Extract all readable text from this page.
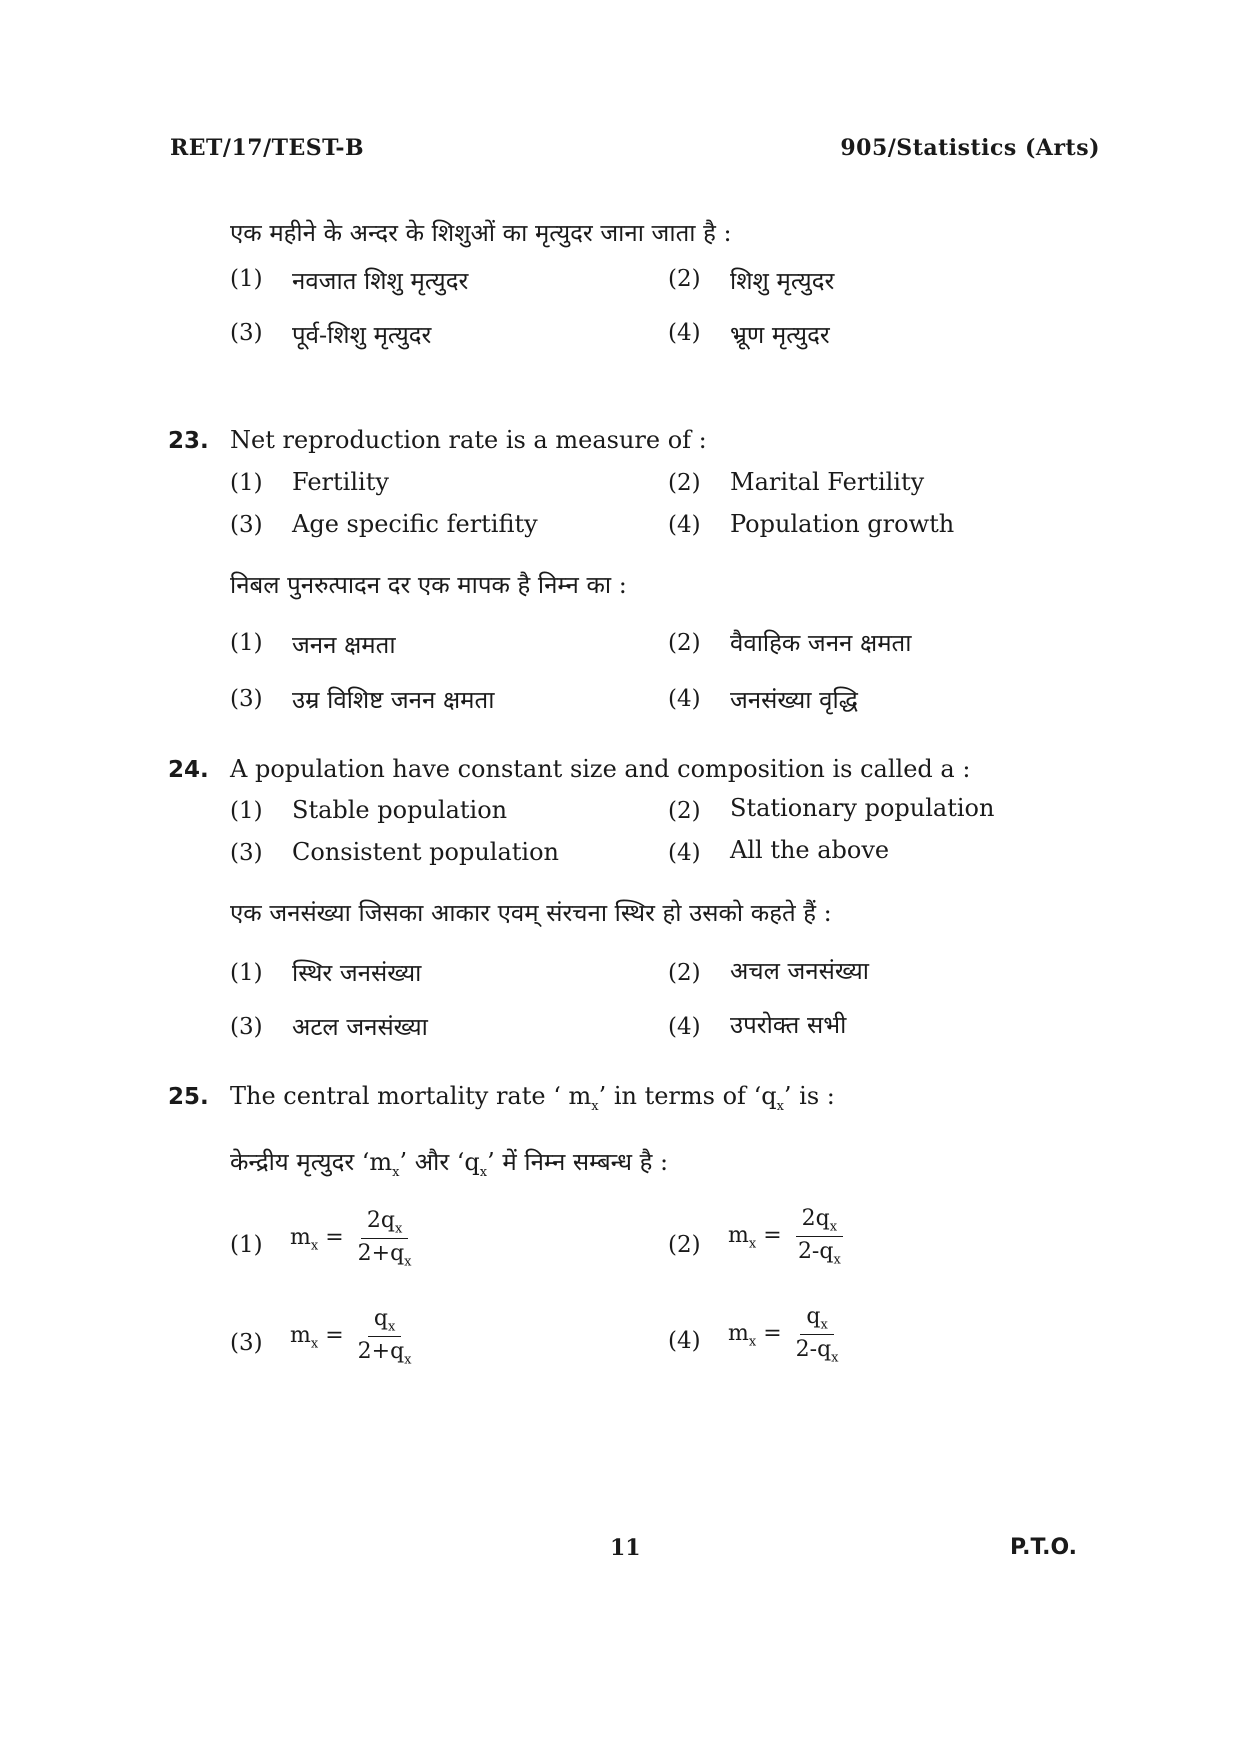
RET/17/TEST-B	905/Statistics (Arts)
एक महीने के अन्दर के शिशुओं का मृत्युदर जाना जाता है :
(1) नवजात शिशु मृत्युदर	(2) शिशु मृत्युदर
(3) पूर्व-शिशु मृत्युदर	(4) भ्रूण मृत्युदर
23. Net reproduction rate is a measure of :
(1) Fertility	(2) Marital Fertility
(3) Age specific fertifity	(4) Population growth
निबल पुनरुत्पादन दर एक मापक है निम्न का :
(1) जनन क्षमता	(2) वैवाहिक जनन क्षमता
(3) उम्र विशिष्ट जनन क्षमता	(4) जनसंख्या वृद्धि
24. A population have constant size and composition is called a :
(1) Stable population	(2) Stationary population
(3) Consistent population	(4) All the above
एक जनसंख्या जिसका आकार एवम् संरचना स्थिर हो उसको कहते हैं :
(1) स्थिर जनसंख्या	(2) अचल जनसंख्या
(3) अटल जनसंख्या	(4) उपरोक्त सभी
25. The central mortality rate ‘ $m_x$’ in terms of ‘$q_x$’ is :
केन्द्रीय मृत्युदर ‘$m_x$’ और ‘$q_x$’ में निम्न सम्बन्ध है :
(1) $m_x = \frac{2q_x}{2+q_x}$	(2) $m_x = \frac{2q_x}{2-q_x}$
(3) $m_x = \frac{q_x}{2+q_x}$	(4) $m_x = \frac{q_x}{2-q_x}$
11	P.T.O.
